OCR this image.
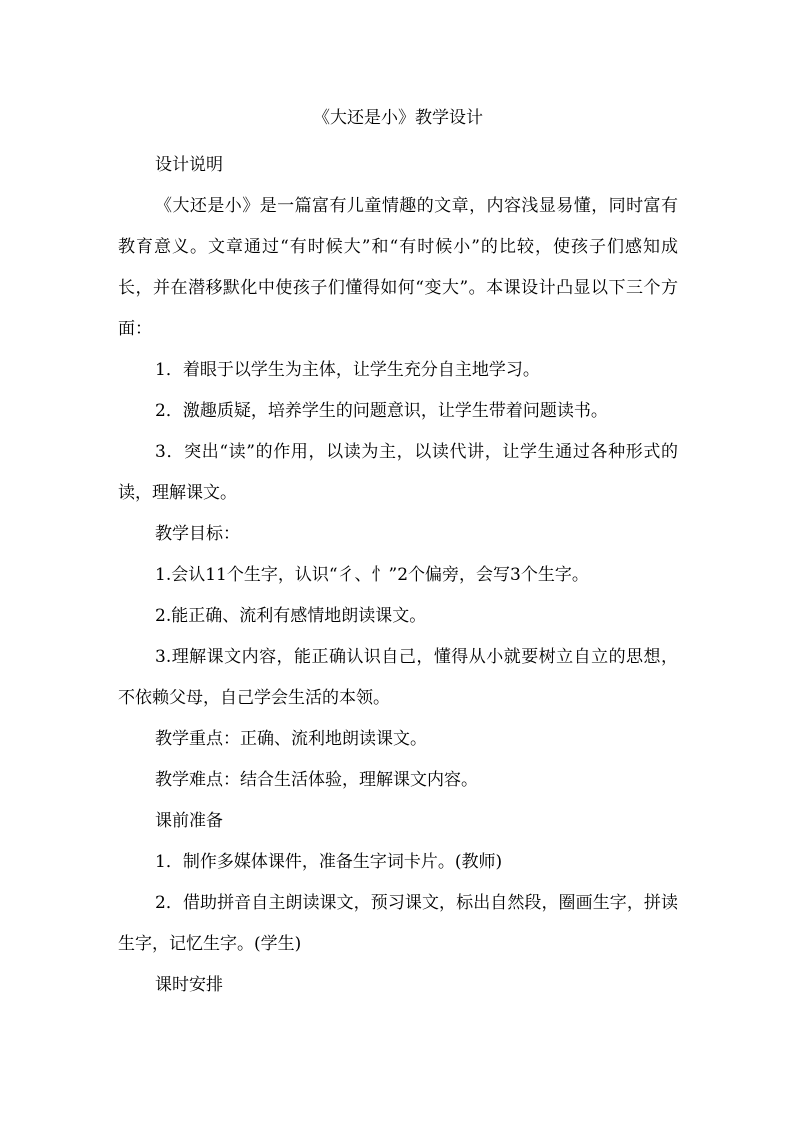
《大还是小》教学设计

设计说明

《大还是小》是一篇富有儿童情趣的文章，内容浅显易懂，同时富有教育意义。文章通过“有时候大”和“有时候小”的比较，使孩子们感知成长，并在潜移默化中使孩子们懂得如何“变大”。本课设计凸显以下三个方面：

1．着眼于以学生为主体，让学生充分自主地学习。

2．激趣质疑，培养学生的问题意识，让学生带着问题读书。

3．突出“读”的作用，以读为主，以读代讲，让学生通过各种形式的读，理解课文。

教学目标：

1.会认11个生字，认识“彳、忄”2个偏旁，会写3个生字。

2.能正确、流利有感情地朗读课文。

3.理解课文内容，能正确认识自己，懂得从小就要树立自立的思想，不依赖父母，自己学会生活的本领。

教学重点：正确、流利地朗读课文。

教学难点：结合生活体验，理解课文内容。

课前准备

1．制作多媒体课件，准备生字词卡片。(教师)

2．借助拼音自主朗读课文，预习课文，标出自然段，圈画生字，拼读生字，记忆生字。(学生)

课时安排
